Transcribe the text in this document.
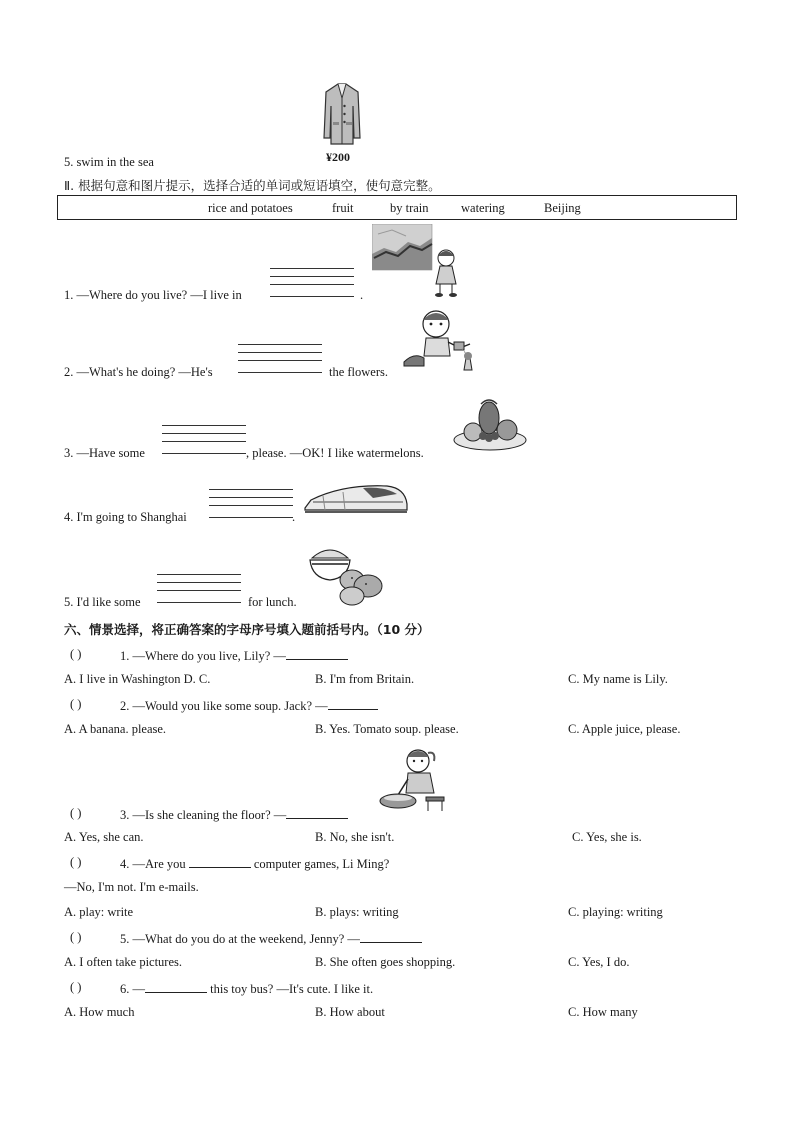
¥200
5. swim in the sea
Ⅱ. 根据句意和图片提示，选择合适的单词或短语填空，使句意完整。
rice and potatoes	fruit	by train	watering	Beijing
1. —Where do you live? —I live in	.
2. —What's he doing? —He's	the flowers.
3. —Have some	, please. —OK! I like watermelons.
4. I'm going to Shanghai	.
5. I'd like some	for lunch.
六、情景选择，将正确答案的字母序号填入题前括号内。（10 分）
( )	1. —Where do you live, Lily? —
A. I live in Washington D. C.	B. I'm from Britain.	C. My name is Lily.
( )	2. —Would you like some soup. Jack? —
A. A banana. please.	B. Yes. Tomato soup. please.	C. Apple juice, please.
( )	3. —Is she cleaning the floor? —
A. Yes, she can.	B. No, she isn't.	C. Yes, she is.
( )	4. —Are you	computer games, Li Ming?
—No, I'm not. I'm e-mails.
A. play: write	B. plays: writing	C. playing: writing
( )	5. —What do you do at the weekend, Jenny? —
A. I often take pictures.	B. She often goes shopping.	C. Yes, I do.
( )	6. —	this toy bus? —It's cute. I like it.
A. How much	B. How about	C. How many
